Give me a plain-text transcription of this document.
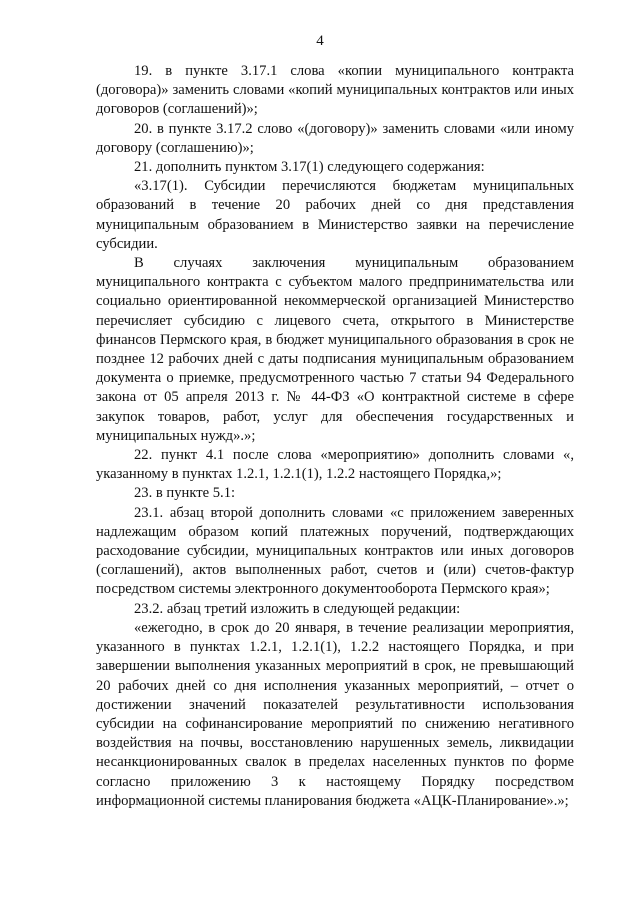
4

19. в пункте 3.17.1 слова «копии муниципального контракта (договора)» заменить словами «копий муниципальных контрактов или иных договоров (соглашений)»;

20. в пункте 3.17.2 слово «(договору)» заменить словами «или иному договору (соглашению)»;

21. дополнить пунктом 3.17(1) следующего содержания:

«3.17(1). Субсидии перечисляются бюджетам муниципальных образований в течение 20 рабочих дней со дня представления муниципальным образованием в Министерство заявки на перечисление субсидии.

В случаях заключения муниципальным образованием муниципального контракта с субъектом малого предпринимательства или социально ориентированной некоммерческой организацией Министерство перечисляет субсидию с лицевого счета, открытого в Министерстве финансов Пермского края, в бюджет муниципального образования в срок не позднее 12 рабочих дней с даты подписания муниципальным образованием документа о приемке, предусмотренного частью 7 статьи 94 Федерального закона от 05 апреля 2013 г. № 44-ФЗ «О контрактной системе в сфере закупок товаров, работ, услуг для обеспечения государственных и муниципальных нужд».»;

22. пункт 4.1 после слова «мероприятию» дополнить словами «, указанному в пунктах 1.2.1, 1.2.1(1), 1.2.2 настоящего Порядка,»;

23. в пункте 5.1:

23.1. абзац второй дополнить словами «с приложением заверенных надлежащим образом копий платежных поручений, подтверждающих расходование субсидии, муниципальных контрактов или иных договоров (соглашений), актов выполненных работ, счетов и (или) счетов-фактур посредством системы электронного документооборота Пермского края»;

23.2. абзац третий изложить в следующей редакции:

«ежегодно, в срок до 20 января, в течение реализации мероприятия, указанного в пунктах 1.2.1, 1.2.1(1), 1.2.2 настоящего Порядка, и при завершении выполнения указанных мероприятий в срок, не превышающий 20 рабочих дней со дня исполнения указанных мероприятий, – отчет о достижении значений показателей результативности использования субсидии на софинансирование мероприятий по снижению негативного воздействия на почвы, восстановлению нарушенных земель, ликвидации несанкционированных свалок в пределах населенных пунктов по форме согласно приложению 3 к настоящему Порядку посредством информационной системы планирования бюджета «АЦК-Планирование».»;
